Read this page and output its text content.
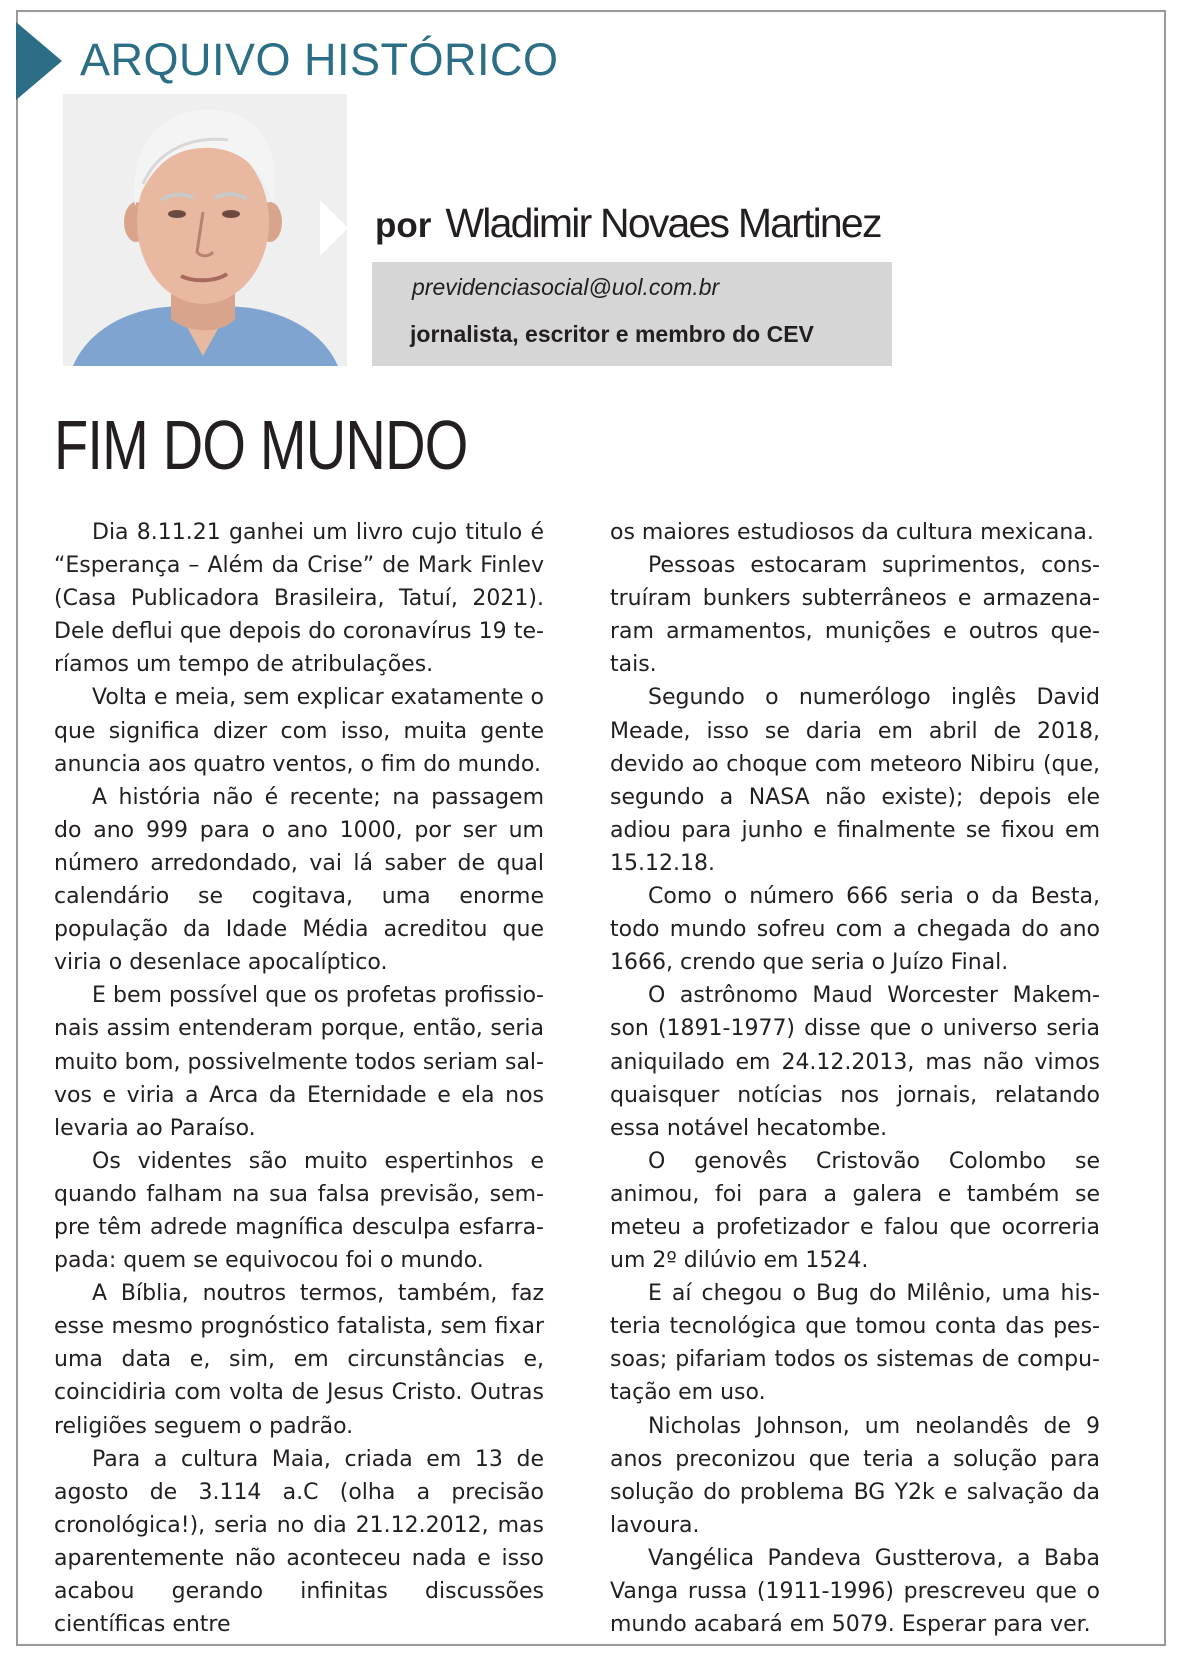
ARQUIVO HISTÓRICO
por Wladimir Novaes Martinez
previdenciasocial@uol.com.br
jornalista, escritor e membro do CEV
FIM DO MUNDO

Dia 8.11.21 ganhei um livro cujo titulo é “Esperança – Além da Crise” de Mark Finlev (Casa Publicadora Brasileira, Tatuí, 2021). Dele deflui que depois do coronavírus 19 teríamos um tempo de atribulações.

Volta e meia, sem explicar exatamente o que significa dizer com isso, muita gente anuncia aos quatro ventos, o fim do mundo.

A história não é recente; na passagem do ano 999 para o ano 1000, por ser um número arredondado, vai lá saber de qual calendário se cogitava, uma enorme população da Idade Média acreditou que viria o desenlace apocalíptico.

E bem possível que os profetas profissionais assim entenderam porque, então, seria muito bom, possivelmente todos seriam salvos e viria a Arca da Eternidade e ela nos levaria ao Paraíso.

Os videntes são muito espertinhos e quando falham na sua falsa previsão, sempre têm adrede magnífica desculpa esfarrapada: quem se equivocou foi o mundo.

A Bíblia, noutros termos, também, faz esse mesmo prognóstico fatalista, sem fixar uma data e, sim, em circunstâncias e, coincidiria com volta de Jesus Cristo. Outras religiões seguem o padrão.

Para a cultura Maia, criada em 13 de agosto de 3.114 a.C (olha a precisão cronológica!), seria no dia 21.12.2012, mas aparentemente não aconteceu nada e isso acabou gerando infinitas discussões científicas entre

os maiores estudiosos da cultura mexicana.

Pessoas estocaram suprimentos, construíram bunkers subterrâneos e armazenaram armamentos, munições e outros quetais.

Segundo o numerólogo inglês David Meade, isso se daria em abril de 2018, devido ao choque com meteoro Nibiru (que, segundo a NASA não existe); depois ele adiou para junho e finalmente se fixou em 15.12.18.

Como o número 666 seria o da Besta, todo mundo sofreu com a chegada do ano 1666, crendo que seria o Juízo Final.

O astrônomo Maud Worcester Makemson (1891-1977) disse que o universo seria aniquilado em 24.12.2013, mas não vimos quaisquer notícias nos jornais, relatando essa notável hecatombe.

O genovês Cristovão Colombo se animou, foi para a galera e também se meteu a profetizador e falou que ocorreria um 2º dilúvio em 1524.

E aí chegou o Bug do Milênio, uma histeria tecnológica que tomou conta das pessoas; pifariam todos os sistemas de computação em uso.

Nicholas Johnson, um neolandês de 9 anos preconizou que teria a solução para solução do problema BG Y2k e salvação da lavoura.

Vangélica Pandeva Gustterova, a Baba Vanga russa (1911-1996) prescreveu que o mundo acabará em 5079. Esperar para ver.
